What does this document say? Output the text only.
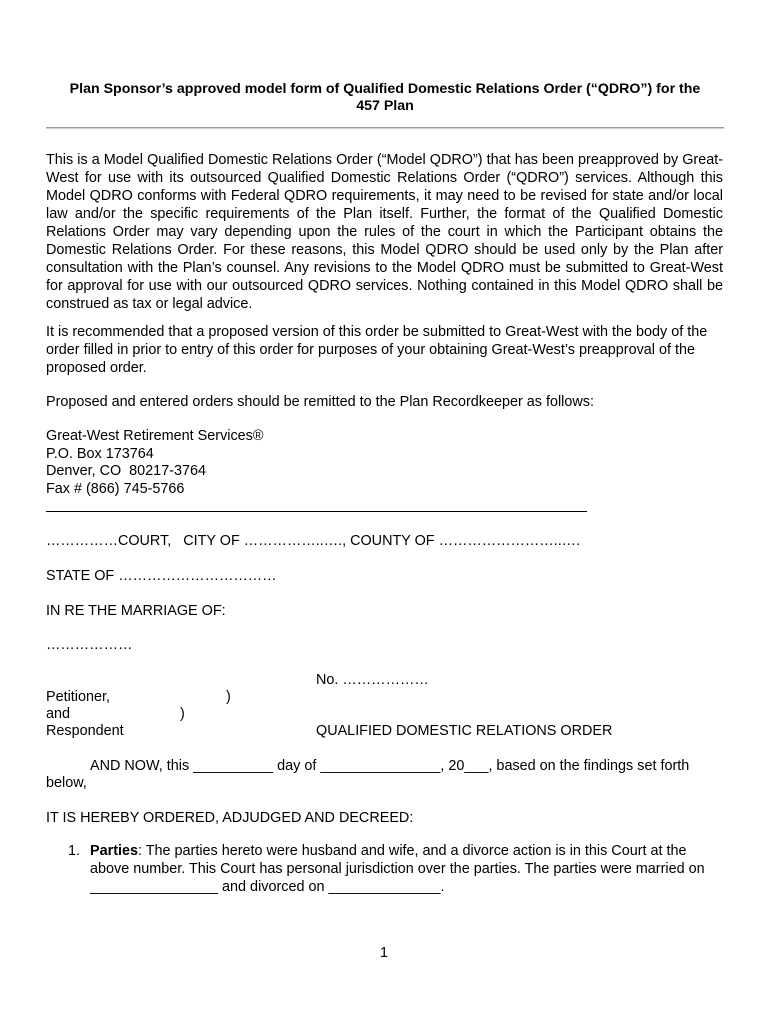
Plan Sponsor’s approved model form of Qualified Domestic Relations Order (“QDRO”) for the
457 Plan

This is a Model Qualified Domestic Relations Order (“Model QDRO”) that has been preapproved by Great-West for use with its outsourced Qualified Domestic Relations Order (“QDRO”) services. Although this Model QDRO conforms with Federal QDRO requirements, it may need to be revised for state and/or local law and/or the specific requirements of the Plan itself. Further, the format of the Qualified Domestic Relations Order may vary depending upon the rules of the court in which the Participant obtains the Domestic Relations Order. For these reasons, this Model QDRO should be used only by the Plan after consultation with the Plan’s counsel. Any revisions to the Model QDRO must be submitted to Great-West for approval for use with our outsourced QDRO services. Nothing contained in this Model QDRO shall be construed as tax or legal advice.

It is recommended that a proposed version of this order be submitted to Great-West with the body of the order filled in prior to entry of this order for purposes of your obtaining Great-West’s preapproval of the proposed order.

Proposed and entered orders should be remitted to the Plan Recordkeeper as follows:

Great-West Retirement Services®
P.O. Box 173764
Denver, CO  80217-3764
Fax # (866) 745-5766
……………COURT,   CITY OF ……………..…., COUNTY OF ……………………..….
STATE OF ……………………………
IN RE THE MARRIAGE OF:
………………
No. ………………
Petitioner,	)
and	)
Respondent	QUALIFIED DOMESTIC RELATIONS ORDER
AND NOW, this __________ day of _______________, 20___, based on the findings set forth
below,
IT IS HEREBY ORDERED, ADJUDGED AND DECREED:
1. Parties: The parties hereto were husband and wife, and a divorce action is in this Court at the above number. This Court has personal jurisdiction over the parties. The parties were married on ________________ and divorced on ______________.

1
